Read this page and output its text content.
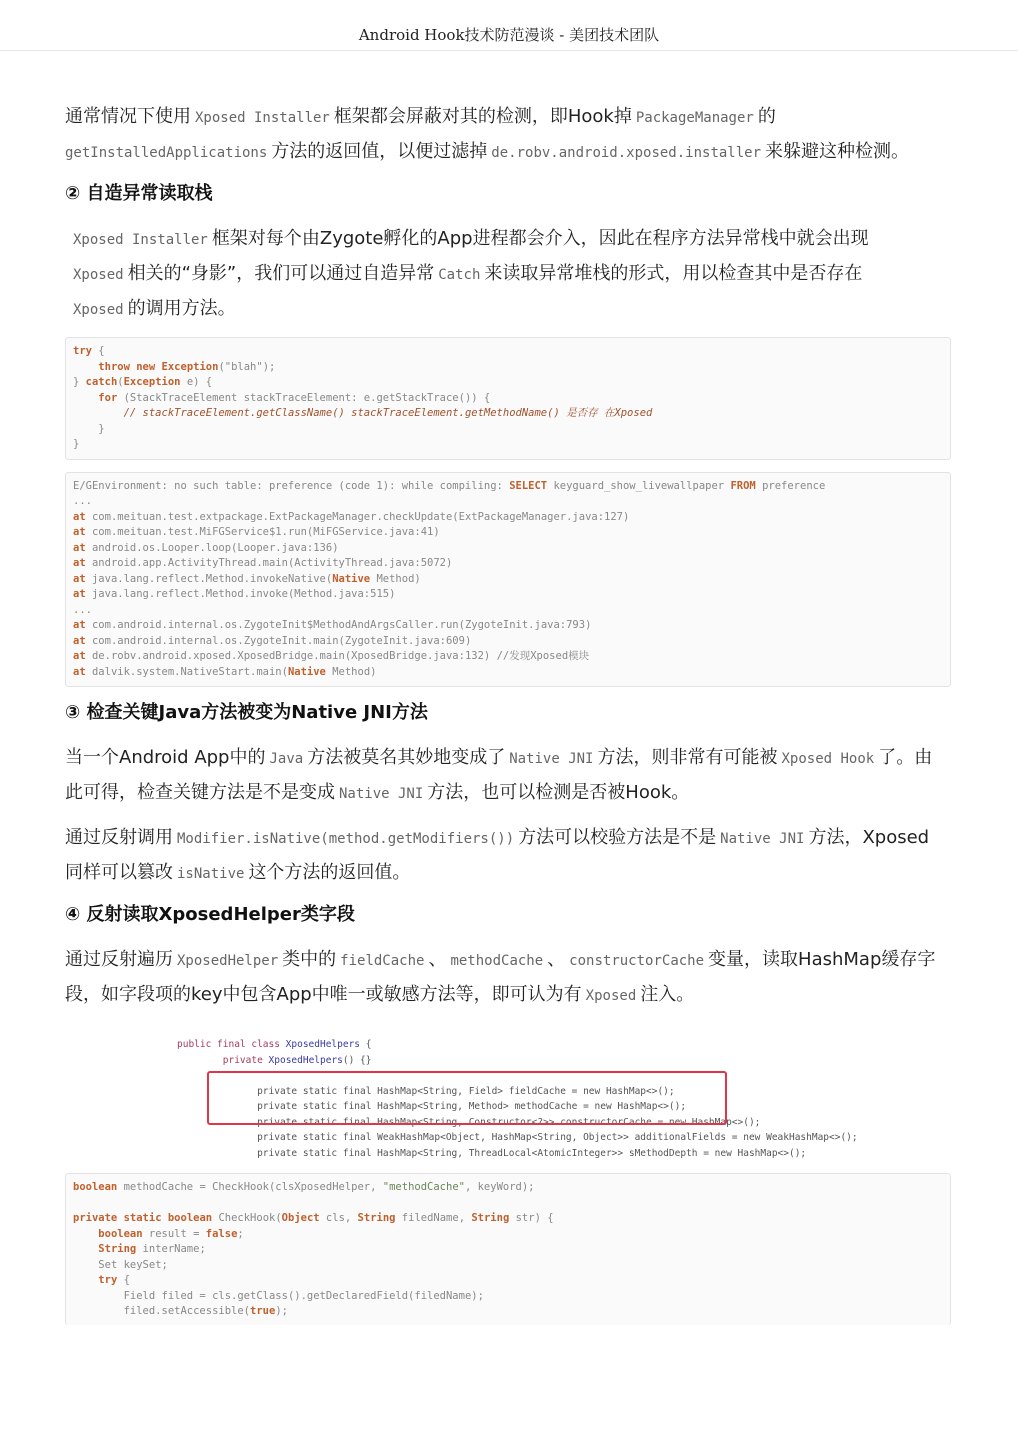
Android Hook技术防范漫谈 - 美团技术团队

通常情况下使用 Xposed Installer 框架都会屏蔽对其的检测，即Hook掉 PackageManager 的
getInstalledApplications 方法的返回值，以便过滤掉 de.robv.android.xposed.installer 来躲避这种检测。

② 自造异常读取栈

Xposed Installer 框架对每个由Zygote孵化的App进程都会介入，因此在程序方法异常栈中就会出现
Xposed 相关的“身影”，我们可以通过自造异常 Catch 来读取异常堆栈的形式，用以检查其中是否存在
Xposed 的调用方法。

try {
throw new Exception("blah");
} catch(Exception e) {
for (StackTraceElement stackTraceElement: e.getStackTrace()) {
// stackTraceElement.getClassName() stackTraceElement.getMethodName() 是否存 在Xposed
}
}
E/GEnvironment: no such table: preference (code 1): while compiling: SELECT keyguard_show_livewallpaper FROM preference
...
at com.meituan.test.extpackage.ExtPackageManager.checkUpdate(ExtPackageManager.java:127)
at com.meituan.test.MiFGService$1.run(MiFGService.java:41)
at android.os.Looper.loop(Looper.java:136)
at android.app.ActivityThread.main(ActivityThread.java:5072)
at java.lang.reflect.Method.invokeNative(Native Method)
at java.lang.reflect.Method.invoke(Method.java:515)
...
at com.android.internal.os.ZygoteInit$MethodAndArgsCaller.run(ZygoteInit.java:793)
at com.android.internal.os.ZygoteInit.main(ZygoteInit.java:609)
at de.robv.android.xposed.XposedBridge.main(XposedBridge.java:132) //发现Xposed模块
at dalvik.system.NativeStart.main(Native Method)

③ 检查关键Java方法被变为Native JNI方法

当一个Android App中的 Java 方法被莫名其妙地变成了 Native JNI 方法，则非常有可能被 Xposed Hook 了。由此可得，检查关键方法是不是变成 Native JNI 方法，也可以检测是否被Hook。

通过反射调用 Modifier.isNative(method.getModifiers()) 方法可以校验方法是不是 Native JNI 方法，Xposed同样可以篡改 isNative 这个方法的返回值。

④ 反射读取XposedHelper类字段

通过反射遍历 XposedHelper 类中的 fieldCache 、 methodCache 、 constructorCache 变量，读取HashMap缓存字段，如字段项的key中包含App中唯一或敏感方法等，即可认为有 Xposed 注入。

public final class XposedHelpers {
private XposedHelpers() {}

private static final HashMap<String, Field> fieldCache = new HashMap<>();
private static final HashMap<String, Method> methodCache = new HashMap<>();
private static final HashMap<String, Constructor<?>> constructorCache = new HashMap<>();
private static final WeakHashMap<Object, HashMap<String, Object>> additionalFields = new WeakHashMap<>();
private static final HashMap<String, ThreadLocal<AtomicInteger>> sMethodDepth = new HashMap<>();
boolean methodCache = CheckHook(clsXposedHelper, "methodCache", keyWord);

private static boolean CheckHook(Object cls, String filedName, String str) {
boolean result = false;
String interName;
Set keySet;
try {
Field filed = cls.getClass().getDeclaredField(filedName);
filed.setAccessible(true);
